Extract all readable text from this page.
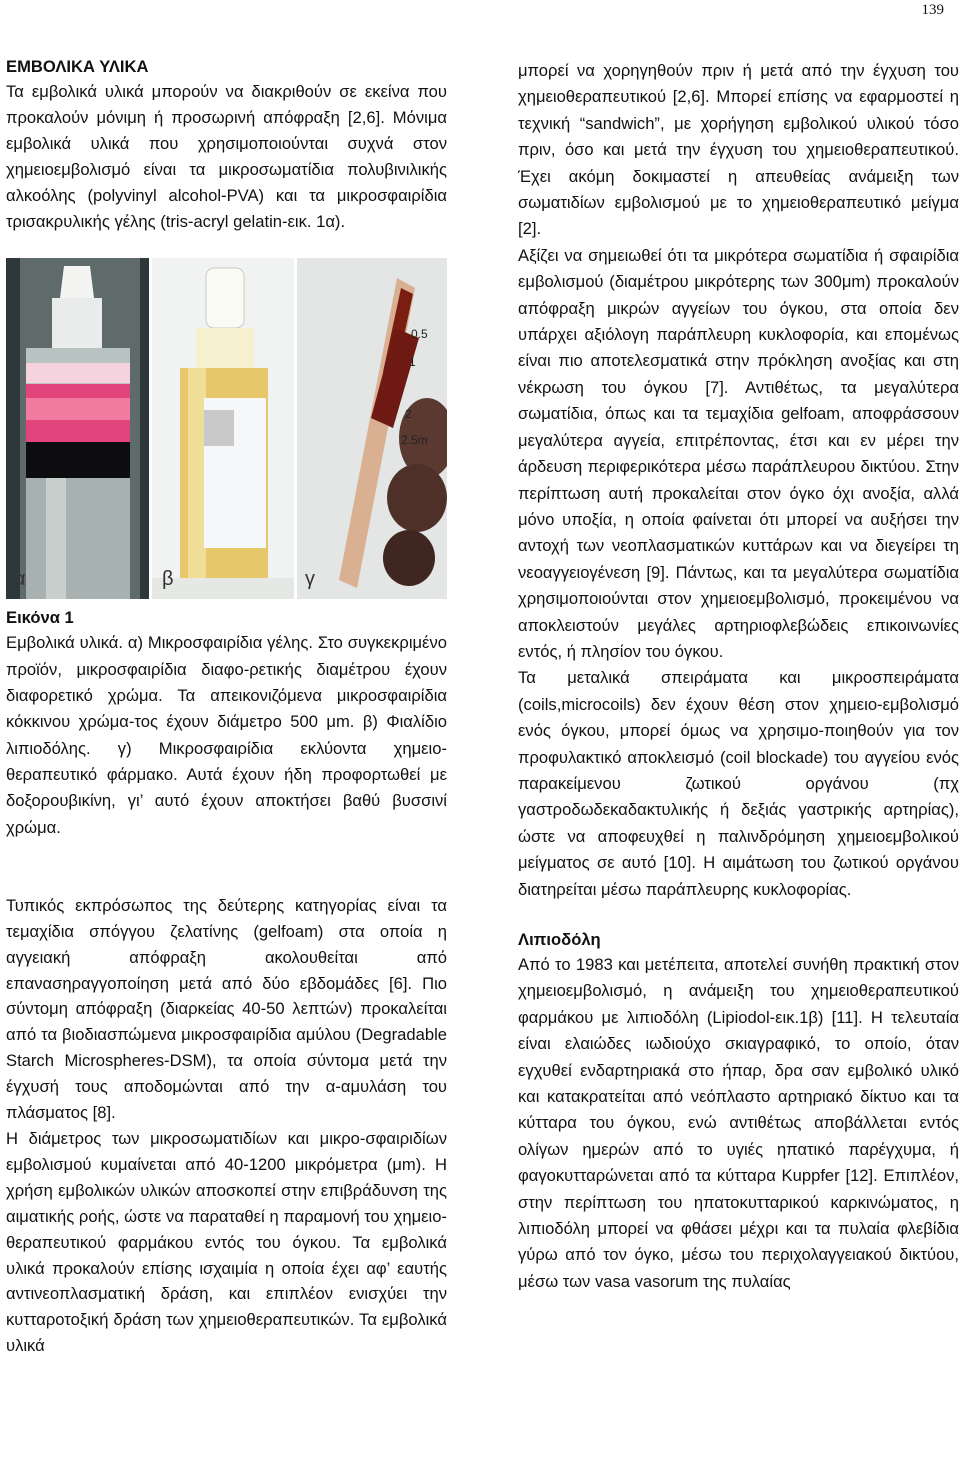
139

ΕΜΒΟΛΙΚΑ ΥΛΙΚΑ

Τα εμβολικά υλικά μπορούν να διακριθούν σε εκείνα που προκαλούν μόνιμη ή προσωρινή απόφραξη [2,6]. Μόνιμα εμβολικά υλικά που χρησιμοποιούνται συχνά στον χημειοεμβολισμό είναι τα μικροσωματίδια πολυβινιλικής αλκοόλης (polyvinyl alcohol-PVA) και τα μικροσφαιρίδια τρισακρυλικής γέλης (tris-acryl gelatin-εικ. 1α).

α	β
0.5
1
2
2.5m
γ

Εικόνα 1

Εμβολικά υλικά. α) Μικροσφαιρίδια γέλης. Στο συγκεκριμένο προϊόν, μικροσφαιρίδια διαφο-ρετικής διαμέτρου έχουν διαφορετικό χρώμα. Τα απεικονιζόμενα μικροσφαιρίδια κόκκινου χρώμα-τος έχουν διάμετρο 500 μm. β) Φιαλίδιο λιπιοδόλης. γ) Μικροσφαιρίδια εκλύοντα χημειο-θεραπευτικό φάρμακο. Αυτά έχουν ήδη προφορτωθεί με δοξορουβικίνη, γι’ αυτό έχουν αποκτήσει βαθύ βυσσινί χρώμα.

Τυπικός εκπρόσωπος της δεύτερης κατηγορίας είναι τα τεμαχίδια σπόγγου ζελατίνης (gelfoam) στα οποία η αγγειακή απόφραξη ακολουθείται από επανασηραγγοποίηση μετά από δύο εβδομάδες [6]. Πιο σύντομη απόφραξη (διαρκείας 40-50 λεπτών) προκαλείται από τα βιοδιασπώμενα μικροσφαιρίδια αμύλου (Degradable Starch Microspheres-DSM), τα οποία σύντομα μετά την έγχυσή τους αποδομώνται από την α-αμυλάση του πλάσματος [8].

Η διάμετρος των μικροσωματιδίων και μικρο-σφαιριδίων εμβολισμού κυμαίνεται από 40-1200 μικρόμετρα (μm). Η χρήση εμβολικών υλικών αποσκοπεί στην επιβράδυνση της αιματικής ροής, ώστε να παραταθεί η παραμονή του χημειο-θεραπευτικού φαρμάκου εντός του όγκου. Τα εμβολικά υλικά προκαλούν επίσης ισχαιμία η οποία έχει αφ’ εαυτής αντινεοπλασματική δράση, και επιπλέον ενισχύει την κυτταροτοξική δράση των χημειοθεραπευτικών. Τα εμβολικά υλικά

μπορεί να χορηγηθούν πριν ή μετά από την έγχυση του χημειοθεραπευτικού [2,6]. Μπορεί επίσης να εφαρμοστεί η τεχνική “sandwich”, με χορήγηση εμβολικού υλικού τόσο πριν, όσο και μετά την έγχυση του χημειοθεραπευτικού. Έχει ακόμη δοκιμαστεί η απευθείας ανάμειξη των σωματιδίων εμβολισμού με το χημειοθεραπευτικό μείγμα [2].

Αξίζει να σημειωθεί ότι τα μικρότερα σωματίδια ή σφαιρίδια εμβολισμού (διαμέτρου μικρότερης των 300μm) προκαλούν απόφραξη μικρών αγγείων του όγκου, στα οποία δεν υπάρχει αξιόλογη παράπλευρη κυκλοφορία, και επομένως είναι πιο αποτελεσματικά στην πρόκληση ανοξίας και στη νέκρωση του όγκου [7]. Αντιθέτως, τα μεγαλύτερα σωματίδια, όπως και τα τεμαχίδια gelfoam, αποφράσσουν μεγαλύτερα αγγεία, επιτρέποντας, έτσι και εν μέρει την άρδευση περιφερικότερα μέσω παράπλευρου δικτύου. Στην περίπτωση αυτή προκαλείται στον όγκο όχι ανοξία, αλλά μόνο υποξία, η οποία φαίνεται ότι μπορεί να αυξήσει την αντοχή των νεοπλασματικών κυττάρων και να διεγείρει τη νεοαγγειογένεση [9]. Πάντως, και τα μεγαλύτερα σωματίδια χρησιμοποιούνται στον χημειοεμβολισμό, προκειμένου να αποκλειστούν μεγάλες αρτηριοφλεβώδεις επικοινωνίες εντός, ή πλησίον του όγκου.

Τα μεταλικά σπειράματα και μικροσπειράματα (coils,microcoils) δεν έχουν θέση στον χημειο-εμβολισμό ενός όγκου, μπορεί όμως να χρησιμο-ποιηθούν για τον προφυλακτικό αποκλεισμό (coil blockade) του αγγείου ενός παρακείμενου ζωτικού οργάνου (πχ γαστροδωδεκαδακτυλικής ή δεξιάς γαστρικής αρτηρίας), ώστε να αποφευχθεί η παλινδρόμηση χημειοεμβολικού μείγματος σε αυτό [10]. Η αιμάτωση του ζωτικού οργάνου διατηρείται μέσω παράπλευρης κυκλοφορίας.

Λιπιοδόλη

Από το 1983 και μετέπειτα, αποτελεί συνήθη πρακτική στον χημειοεμβολισμό, η ανάμειξη του χημειοθεραπευτικού φαρμάκου με λιπιοδόλη (Lipiodol-εικ.1β) [11]. Η τελευταία είναι ελαιώδες ιωδιούχο σκιαγραφικό, το οποίο, όταν εγχυθεί ενδαρτηριακά στο ήπαρ, δρα σαν εμβολικό υλικό και κατακρατείται από νεόπλαστο αρτηριακό δίκτυο και τα κύτταρα του όγκου, ενώ αντιθέτως αποβάλλεται εντός ολίγων ημερών από το υγιές ηπατικό παρέγχυμα, ή φαγοκυτταρώνεται από τα κύτταρα Kuppfer [12]. Επιπλέον, στην περίπτωση του ηπατοκυτταρικού καρκινώματος, η λιπιοδόλη μπορεί να φθάσει μέχρι και τα πυλαία φλεβίδια γύρω από τον όγκο, μέσω του περιχολαγγειακού δικτύου, μέσω των vasa vasorum της πυλαίας
